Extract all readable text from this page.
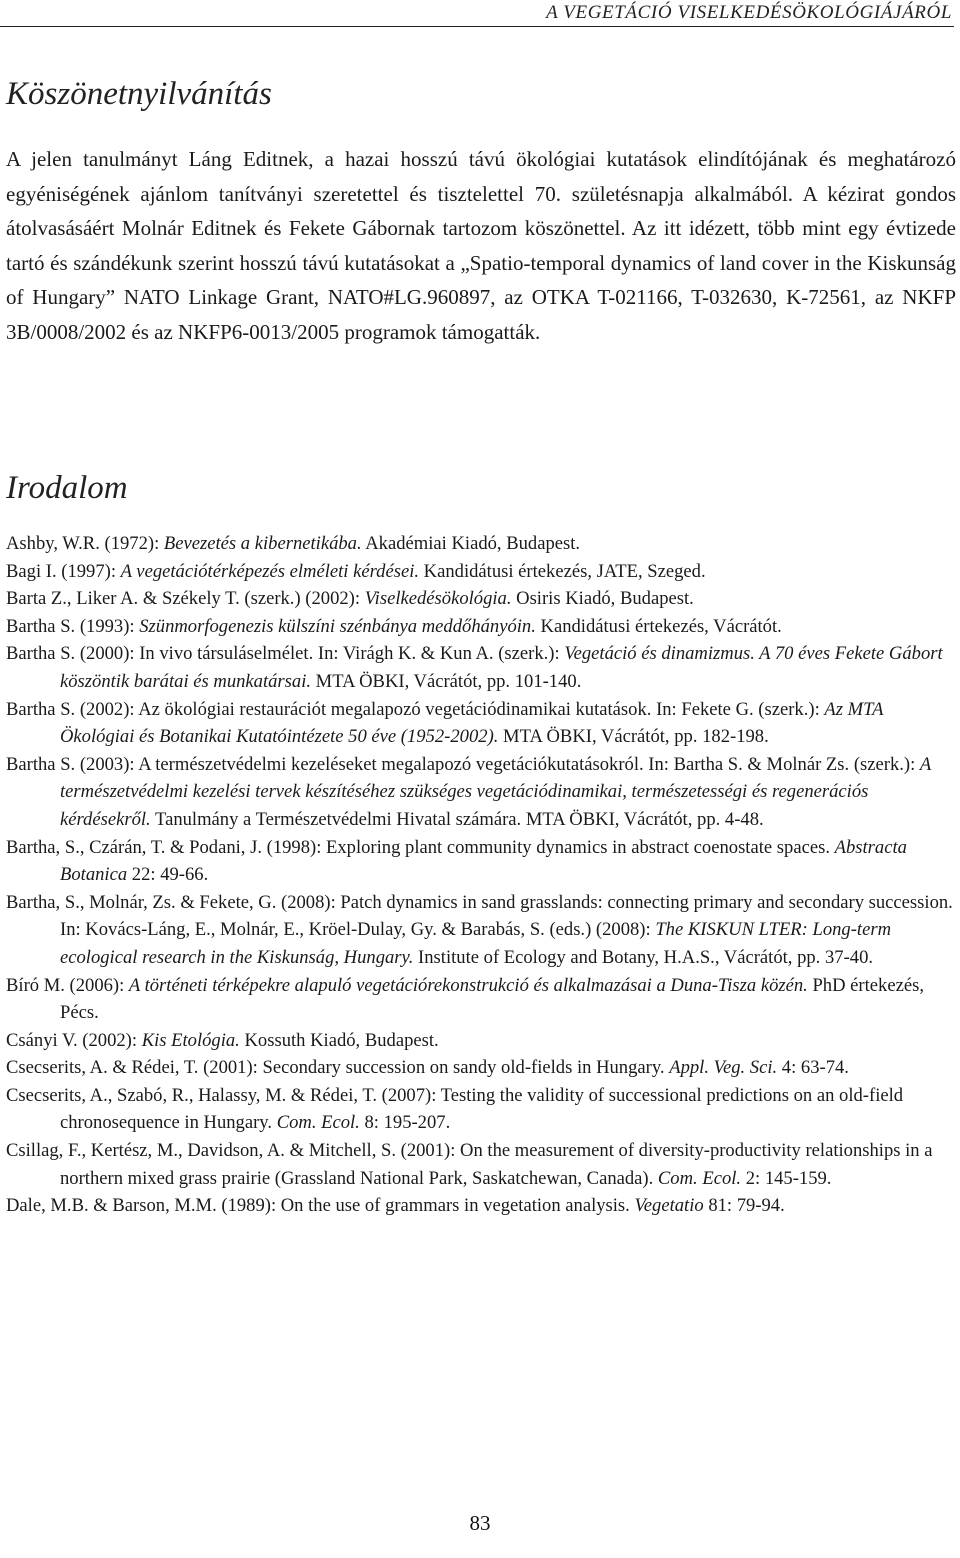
A VEGETÁCIÓ VISELKEDÉSÖKOLÓGIÁJÁRÓL
Köszönetnyilvánítás

A jelen tanulmányt Láng Editnek, a hazai hosszú távú ökológiai kutatások elindítójának és meghatározó egyéniségének ajánlom tanítványi szeretettel és tisztelettel 70. születésnapja alkalmából. A kézirat gondos átolvasásáért Molnár Editnek és Fekete Gábornak tartozom köszönettel. Az itt idézett, több mint egy évtizede tartó és szándékunk szerint hosszú távú kutatásokat a „Spatio-temporal dynamics of land cover in the Kiskunság of Hungary” NATO Linkage Grant, NATO#LG.960897, az OTKA T-021166, T-032630, K-72561, az NKFP 3B/0008/2002 és az NKFP6-0013/2005 programok támogatták.

Irodalom
Ashby, W.R. (1972): Bevezetés a kibernetikába. Akadémiai Kiadó, Budapest.
Bagi I. (1997): A vegetációtérképezés elméleti kérdései. Kandidátusi értekezés, JATE, Szeged.
Barta Z., Liker A. & Székely T. (szerk.) (2002): Viselkedésökológia. Osiris Kiadó, Budapest.
Bartha S. (1993): Szünmorfogenezis külszíni szénbánya meddőhányóin. Kandidátusi értekezés, Vácrátót.
Bartha S. (2000): In vivo társuláselmélet. In: Virágh K. & Kun A. (szerk.): Vegetáció és dinamizmus. A 70 éves Fekete Gábort köszöntik barátai és munkatársai. MTA ÖBKI, Vácrátót, pp. 101-140.
Bartha S. (2002): Az ökológiai restaurációt megalapozó vegetációdinamikai kutatások. In: Fekete G. (szerk.): Az MTA Ökológiai és Botanikai Kutatóintézete 50 éve (1952-2002). MTA ÖBKI, Vácrátót, pp. 182-198.
Bartha S. (2003): A természetvédelmi kezeléseket megalapozó vegetációkutatásokról. In: Bartha S. & Molnár Zs. (szerk.): A természetvédelmi kezelési tervek készítéséhez szükséges vegetációdinamikai, természetességi és regenerációs kérdésekről. Tanulmány a Természetvédelmi Hivatal számára. MTA ÖBKI, Vácrátót, pp. 4-48.
Bartha, S., Czárán, T. & Podani, J. (1998): Exploring plant community dynamics in abstract coenostate spaces. Abstracta Botanica 22: 49-66.
Bartha, S., Molnár, Zs. & Fekete, G. (2008): Patch dynamics in sand grasslands: connecting primary and secondary succession. In: Kovács-Láng, E., Molnár, E., Kröel-Dulay, Gy. & Barabás, S. (eds.) (2008): The KISKUN LTER: Long-term ecological research in the Kiskunság, Hungary. Institute of Ecology and Botany, H.A.S., Vácrátót, pp. 37-40.
Bíró M. (2006): A történeti térképekre alapuló vegetációrekonstrukció és alkalmazásai a Duna-Tisza közén. PhD értekezés, Pécs.
Csányi V. (2002): Kis Etológia. Kossuth Kiadó, Budapest.
Csecserits, A. & Rédei, T. (2001): Secondary succession on sandy old-fields in Hungary. Appl. Veg. Sci. 4: 63-74.
Csecserits, A., Szabó, R., Halassy, M. & Rédei, T. (2007): Testing the validity of successional predictions on an old-field chronosequence in Hungary. Com. Ecol. 8: 195-207.
Csillag, F., Kertész, M., Davidson, A. & Mitchell, S. (2001): On the measurement of diversity-productivity relationships in a northern mixed grass prairie (Grassland National Park, Saskatchewan, Canada). Com. Ecol. 2: 145-159.
Dale, M.B. & Barson, M.M. (1989): On the use of grammars in vegetation analysis. Vegetatio 81: 79-94.
83
